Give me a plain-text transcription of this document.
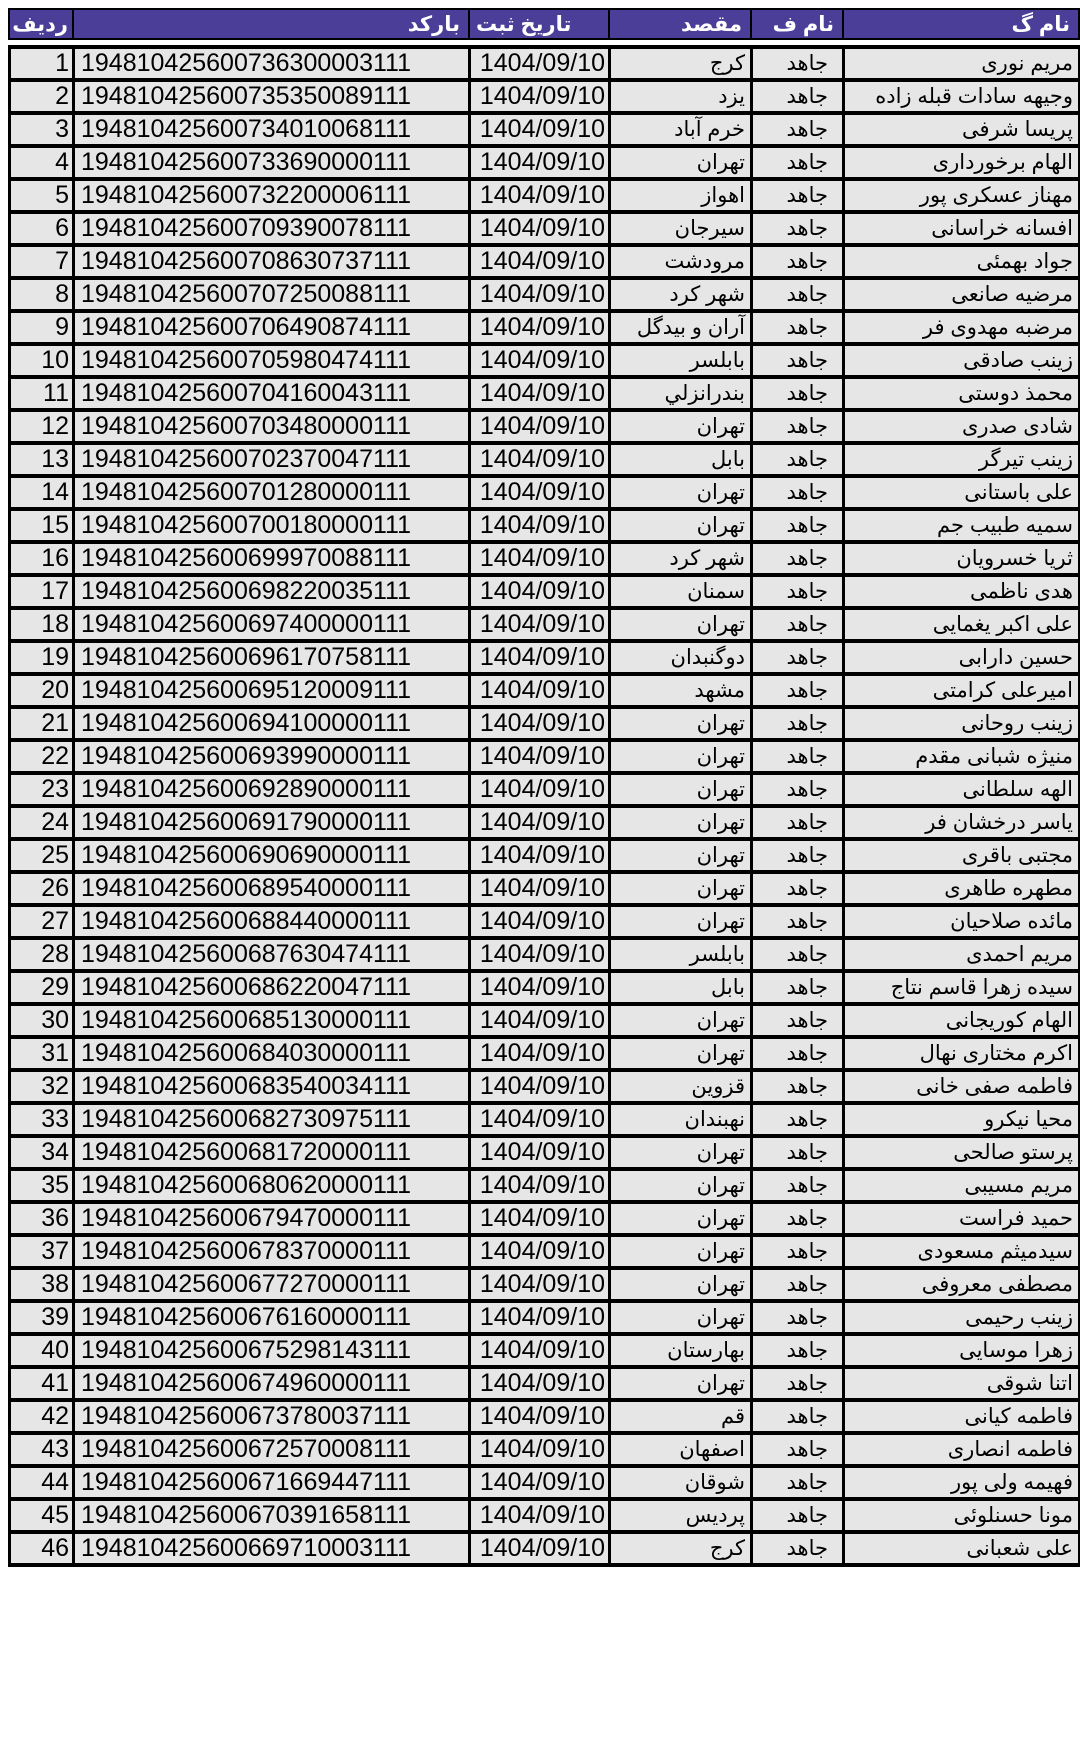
نام گ	نام ف	مقصد	تاریخ ثبت	بارکد	ردیف
مریم نوری	جاهد	کرج	1404/09/10	194810425600736300003111	1
وجیهه سادات قبله زاده	جاهد	یزد	1404/09/10	194810425600735350089111	2
پریسا شرفی	جاهد	خرم آباد	1404/09/10	194810425600734010068111	3
الهام برخورداری	جاهد	تهران	1404/09/10	194810425600733690000111	4
مهناز عسکری پور	جاهد	اهواز	1404/09/10	194810425600732200006111	5
افسانه خراسانی	جاهد	سیرجان	1404/09/10	194810425600709390078111	6
جواد بهمئی	جاهد	مرودشت	1404/09/10	194810425600708630737111	7
مرضیه صانعی	جاهد	شهر کرد	1404/09/10	194810425600707250088111	8
مرضبه مهدوی فر	جاهد	آران و بیدگل	1404/09/10	194810425600706490874111	9
زینب صادقی	جاهد	بابلسر	1404/09/10	194810425600705980474111	10
محمذ دوستی	جاهد	بندرانزلي	1404/09/10	194810425600704160043111	11
شادی صدری	جاهد	تهران	1404/09/10	194810425600703480000111	12
زینب تیرگر	جاهد	بابل	1404/09/10	194810425600702370047111	13
علی باستانی	جاهد	تهران	1404/09/10	194810425600701280000111	14
سمیه طبیب جم	جاهد	تهران	1404/09/10	194810425600700180000111	15
ثریا خسرویان	جاهد	شهر کرد	1404/09/10	194810425600699970088111	16
هدی ناظمی	جاهد	سمنان	1404/09/10	194810425600698220035111	17
علی اکبر یغمایی	جاهد	تهران	1404/09/10	194810425600697400000111	18
حسین دارابی	جاهد	دوگنبدان	1404/09/10	194810425600696170758111	19
امیرعلی کرامتی	جاهد	مشهد	1404/09/10	194810425600695120009111	20
زینب روحانی	جاهد	تهران	1404/09/10	194810425600694100000111	21
منیژه شبانی مقدم	جاهد	تهران	1404/09/10	194810425600693990000111	22
الهه سلطانی	جاهد	تهران	1404/09/10	194810425600692890000111	23
یاسر درخشان فر	جاهد	تهران	1404/09/10	194810425600691790000111	24
مجتبی باقری	جاهد	تهران	1404/09/10	194810425600690690000111	25
مطهره طاهری	جاهد	تهران	1404/09/10	194810425600689540000111	26
مائده صلاحیان	جاهد	تهران	1404/09/10	194810425600688440000111	27
مریم احمدی	جاهد	بابلسر	1404/09/10	194810425600687630474111	28
سیده زهرا قاسم نتاج	جاهد	بابل	1404/09/10	194810425600686220047111	29
الهام کوریجانی	جاهد	تهران	1404/09/10	194810425600685130000111	30
اکرم مختاری نهال	جاهد	تهران	1404/09/10	194810425600684030000111	31
فاطمه صفی خانی	جاهد	قزوین	1404/09/10	194810425600683540034111	32
محیا نیکرو	جاهد	نهبندان	1404/09/10	194810425600682730975111	33
پرستو صالحی	جاهد	تهران	1404/09/10	194810425600681720000111	34
مریم مسیبی	جاهد	تهران	1404/09/10	194810425600680620000111	35
حمید فراست	جاهد	تهران	1404/09/10	194810425600679470000111	36
سیدمیثم مسعودی	جاهد	تهران	1404/09/10	194810425600678370000111	37
مصطفی معروفی	جاهد	تهران	1404/09/10	194810425600677270000111	38
زینب رحیمی	جاهد	تهران	1404/09/10	194810425600676160000111	39
زهرا موسایی	جاهد	بهارستان	1404/09/10	194810425600675298143111	40
اتنا شوقی	جاهد	تهران	1404/09/10	194810425600674960000111	41
فاطمه کیانی	جاهد	قم	1404/09/10	194810425600673780037111	42
فاطمه انصاری	جاهد	اصفهان	1404/09/10	194810425600672570008111	43
فهیمه ولی پور	جاهد	شوقان	1404/09/10	194810425600671669447111	44
مونا حسنلوئی	جاهد	پردیس	1404/09/10	194810425600670391658111	45
علی شعبانی	جاهد	کرج	1404/09/10	194810425600669710003111	46
